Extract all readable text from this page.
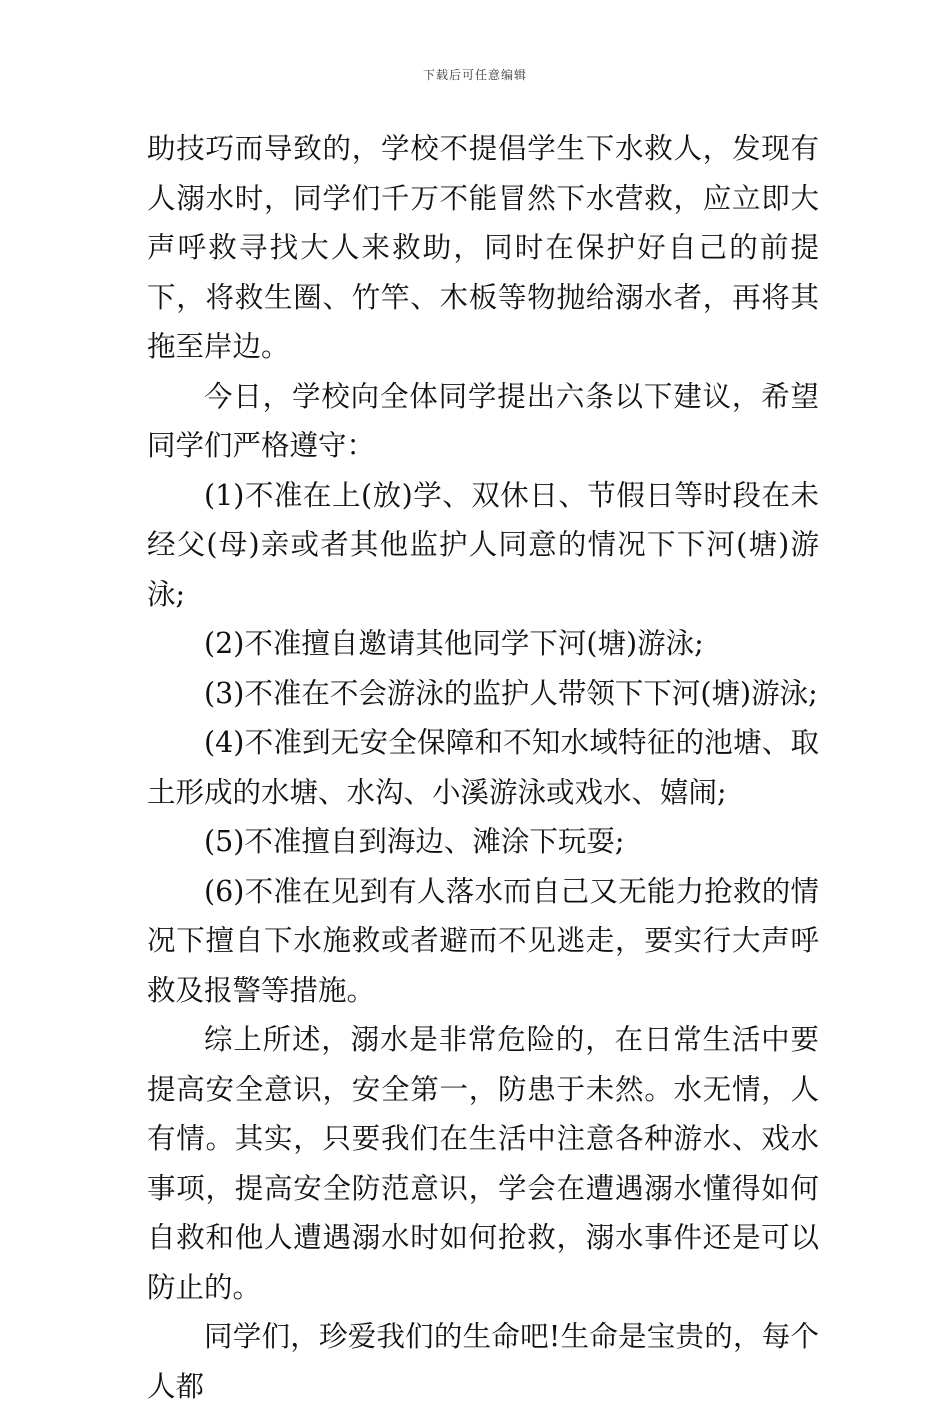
下载后可任意编辑

助技巧而导致的，学校不提倡学生下水救人，发现有人溺水时，同学们千万不能冒然下水营救，应立即大声呼救寻找大人来救助，同时在保护好自己的前提下，将救生圈、竹竿、木板等物抛给溺水者，再将其拖至岸边。

今日，学校向全体同学提出六条以下建议，希望同学们严格遵守：

(1)不准在上(放)学、双休日、节假日等时段在未经父(母)亲或者其他监护人同意的情况下下河(塘)游泳;

(2)不准擅自邀请其他同学下河(塘)游泳;

(3)不准在不会游泳的监护人带领下下河(塘)游泳;

(4)不准到无安全保障和不知水域特征的池塘、取土形成的水塘、水沟、小溪游泳或戏水、嬉闹;

(5)不准擅自到海边、滩涂下玩耍;

(6)不准在见到有人落水而自己又无能力抢救的情况下擅自下水施救或者避而不见逃走，要实行大声呼救及报警等措施。

综上所述，溺水是非常危险的，在日常生活中要提高安全意识，安全第一，防患于未然。水无情，人有情。其实，只要我们在生活中注意各种游水、戏水事项，提高安全防范意识，学会在遭遇溺水懂得如何自救和他人遭遇溺水时如何抢救，溺水事件还是可以防止的。

同学们，珍爱我们的生命吧!生命是宝贵的，每个人都
